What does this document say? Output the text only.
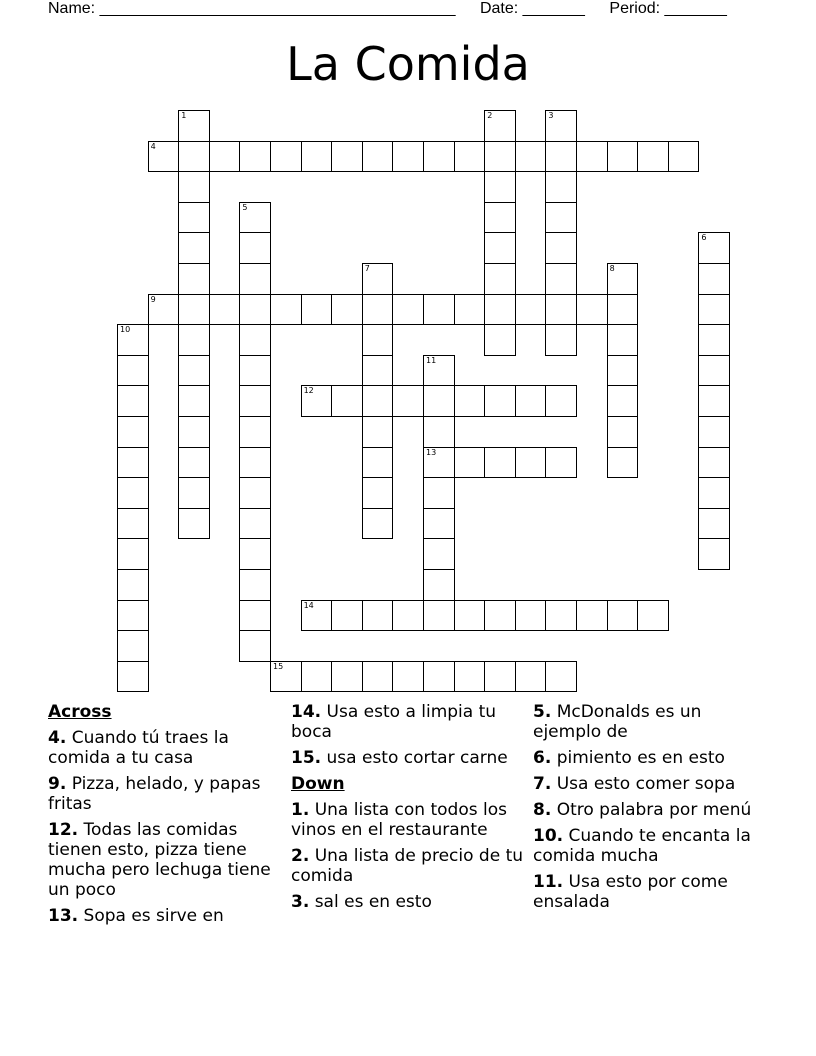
Name: ________________________________________ Date: _______ Period: _______
La Comida
1	2	3
4
5
6
7	8
9
10
11
13
12
14
15
Across
4. Cuando tú traes la comida a tu casa
9. Pizza, helado, y papas fritas
12. Todas las comidas tienen esto, pizza tiene mucha pero lechuga tiene un poco
13. Sopa es sirve en
14. Usa esto a limpia tu boca
15. usa esto cortar carne
Down
1. Una lista con todos los vinos en el restaurante
2. Una lista de precio de tu comida
3. sal es en esto
5. McDonalds es un ejemplo de
6. pimiento es en esto
7. Usa esto comer sopa
8. Otro palabra por menú
10. Cuando te encanta la comida mucha
11. Usa esto por come ensalada
